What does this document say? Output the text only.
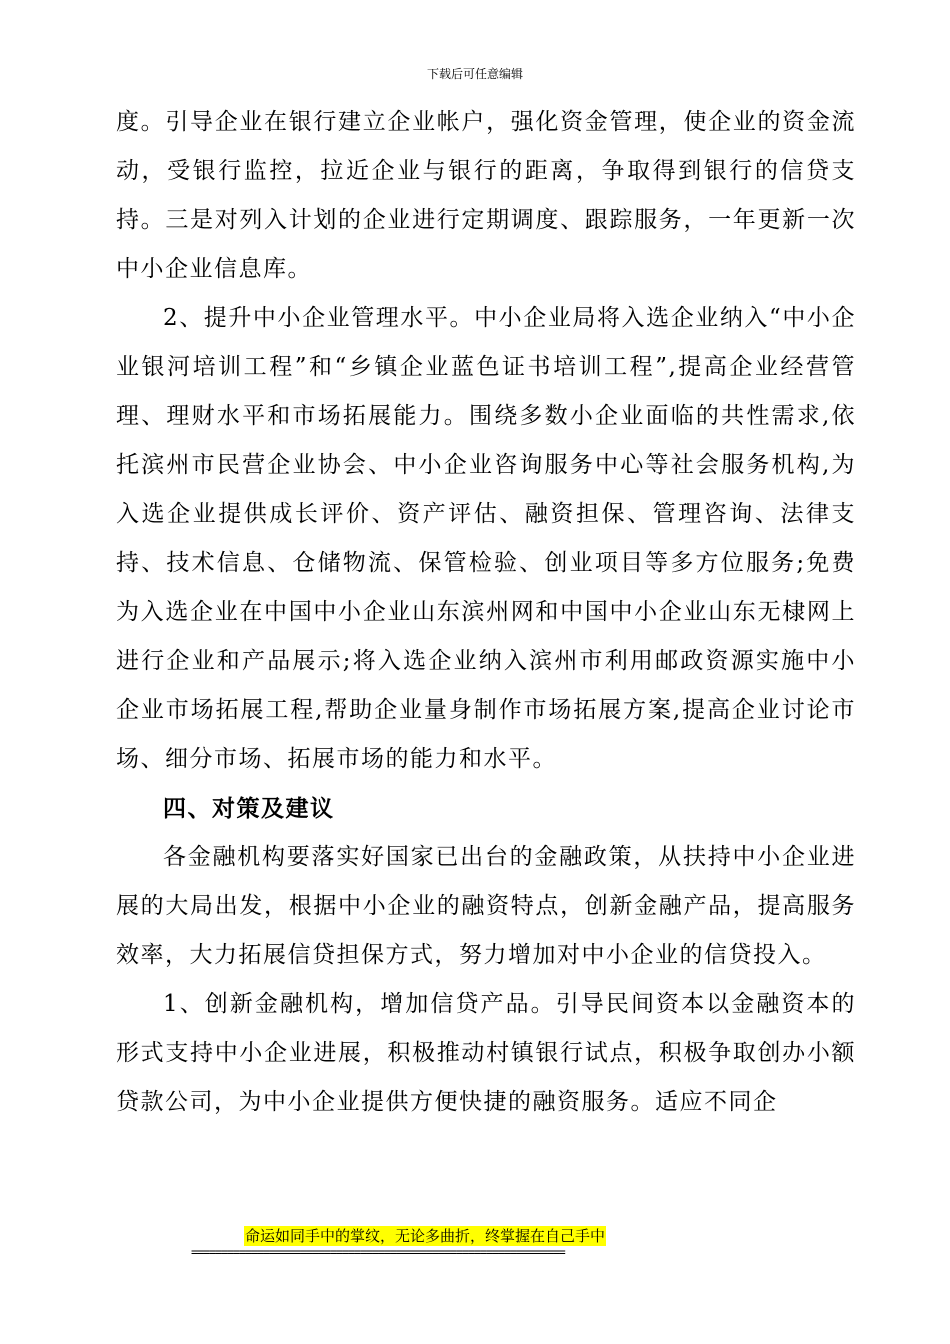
下载后可任意编辑

度。引导企业在银行建立企业帐户，强化资金管理，使企业的资金流动，受银行监控，拉近企业与银行的距离，争取得到银行的信贷支持。三是对列入计划的企业进行定期调度、跟踪服务，一年更新一次中小企业信息库。

2、提升中小企业管理水平。中小企业局将入选企业纳入“中小企业银河培训工程”和“乡镇企业蓝色证书培训工程”,提高企业经营管理、理财水平和市场拓展能力。围绕多数小企业面临的共性需求,依托滨州市民营企业协会、中小企业咨询服务中心等社会服务机构,为入选企业提供成长评价、资产评估、融资担保、管理咨询、法律支持、技术信息、仓储物流、保管检验、创业项目等多方位服务;免费为入选企业在中国中小企业山东滨州网和中国中小企业山东无棣网上进行企业和产品展示;将入选企业纳入滨州市利用邮政资源实施中小企业市场拓展工程,帮助企业量身制作市场拓展方案,提高企业讨论市场、细分市场、拓展市场的能力和水平。

四、对策及建议

各金融机构要落实好国家已出台的金融政策，从扶持中小企业进展的大局出发，根据中小企业的融资特点，创新金融产品，提高服务效率，大力拓展信贷担保方式，努力增加对中小企业的信贷投入。

1、创新金融机构，增加信贷产品。引导民间资本以金融资本的形式支持中小企业进展，积极推动村镇银行试点，积极争取创办小额贷款公司，为中小企业提供方便快捷的融资服务。适应不同企

命运如同手中的掌纹，无论多曲折，终掌握在自己手中
==============================================================
